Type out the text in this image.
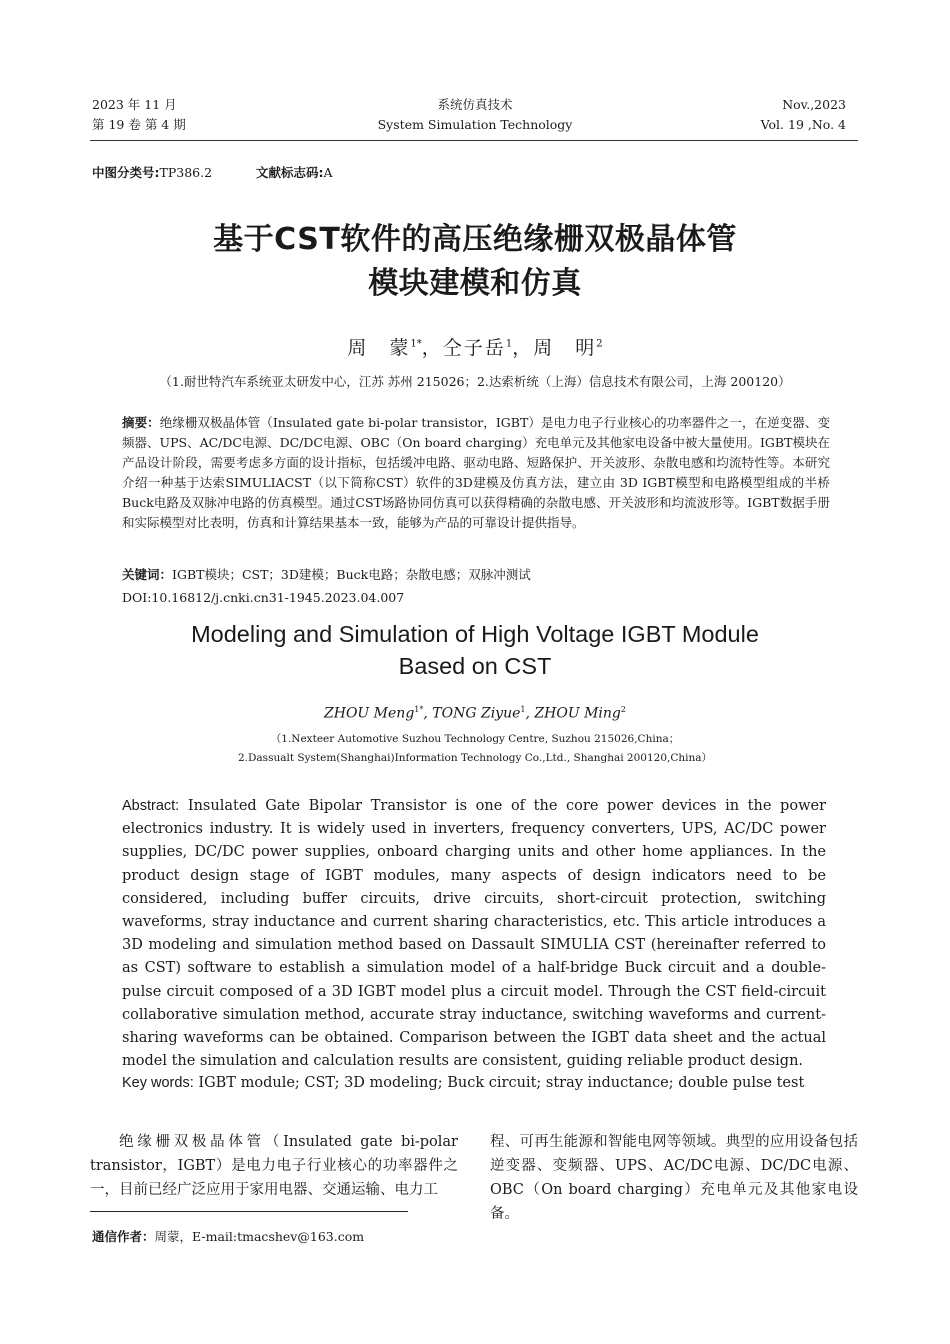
2023 年 11 月
第 19 卷 第 4 期
系统仿真技术
System Simulation Technology
Nov.,2023
Vol. 19 ,No. 4
中图分类号:TP386.2	文献标志码:A
基于CST软件的高压绝缘栅双极晶体管
模块建模和仿真
周　蒙$^{1*}$，仝子岳$^1$，周　明$^2$
（1.耐世特汽车系统亚太研发中心，江苏 苏州 215026；2.达索析统（上海）信息技术有限公司，上海 200120）
摘要：绝缘栅双极晶体管（Insulated gate bi-polar transistor，IGBT）是电力电子行业核心的功率器件之一，在逆变器、变频器、UPS、AC/DC电源、DC/DC电源、OBC（On board charging）充电单元及其他家电设备中被大量使用。IGBT模块在产品设计阶段，需要考虑多方面的设计指标，包括缓冲电路、驱动电路、短路保护、开关波形、杂散电感和均流特性等。本研究介绍一种基于达索SIMULIACST（以下简称CST）软件的3D建模及仿真方法，建立由 3D IGBT模型和电路模型组成的半桥Buck电路及双脉冲电路的仿真模型。通过CST场路协同仿真可以获得精确的杂散电感、开关波形和均流波形等。IGBT数据手册和实际模型对比表明，仿真和计算结果基本一致，能够为产品的可靠设计提供指导。
关键词：IGBT模块；CST；3D建模；Buck电路；杂散电感；双脉冲测试
DOI:10.16812/j.cnki.cn31-1945.2023.04.007
Modeling and Simulation of High Voltage IGBT Module
Based on CST
ZHOU Meng$^{1*}$, TONG Ziyue$^1$, ZHOU Ming$^2$
（1.Nexteer Automotive Suzhou Technology Centre, Suzhou 215026,China；
2.Dassualt System(Shanghai)Information Technology Co.,Ltd., Shanghai 200120,China）
Abstract: Insulated Gate Bipolar Transistor is one of the core power devices in the power electronics industry. It is widely used in inverters, frequency converters, UPS, AC/DC power supplies, DC/DC power supplies, onboard charging units and other home appliances. In the product design stage of IGBT modules, many aspects of design indicators need to be considered, including buffer circuits, drive circuits, short-circuit protection, switching waveforms, stray inductance and current sharing characteristics, etc. This article introduces a 3D modeling and simulation method based on Dassault SIMULIA CST (hereinafter referred to as CST) software to establish a simulation model of a half-bridge Buck circuit and a double-pulse circuit composed of a 3D IGBT model plus a circuit model. Through the CST field-circuit collaborative simulation method, accurate stray inductance, switching waveforms and current-sharing waveforms can be obtained. Comparison between the IGBT data sheet and the actual model the simulation and calculation results are consistent, guiding reliable product design.
Key words: IGBT module; CST; 3D modeling; Buck circuit; stray inductance; double pulse test
绝缘栅双极晶体管（Insulated gate bi-polar transistor，IGBT）是电力电子行业核心的功率器件之一，目前已经广泛应用于家用电器、交通运输、电力工
程、可再生能源和智能电网等领域。典型的应用设备包括逆变器、变频器、UPS、AC/DC电源、DC/DC电源、OBC（On board charging）充电单元及其他家电设备。
通信作者：周蒙，E-mail:tmacshev@163.com
